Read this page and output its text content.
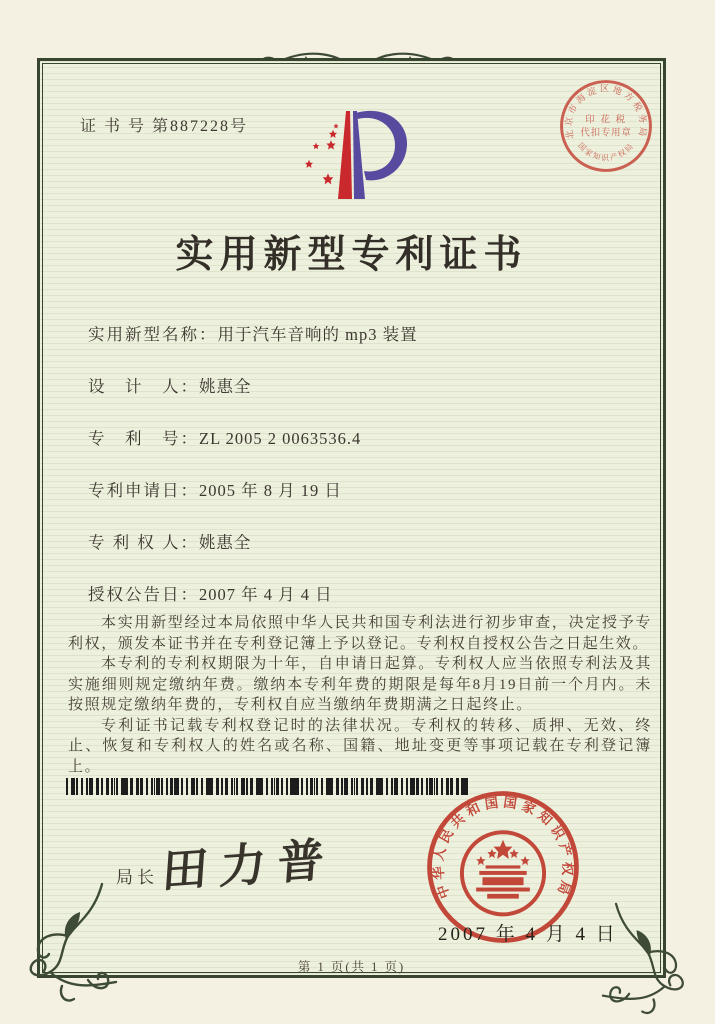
证 书 号 第887228号	北京市海淀区地方税务局
印 花 税
代扣专用章
国家知识产权局
实用新型专利证书
实用新型名称：用于汽车音响的 mp3 装置
设　计　人：姚惠全
专　利　号：ZL 2005 2 0063536.4
专利申请日：2005 年 8 月 19 日
专 利 权 人：姚惠全
授权公告日：2007 年 4 月 4 日

本实用新型经过本局依照中华人民共和国专利法进行初步审查，决定授予专利权，颁发本证书并在专利登记簿上予以登记。专利权自授权公告之日起生效。

本专利的专利权期限为十年，自申请日起算。专利权人应当依照专利法及其实施细则规定缴纳年费。缴纳本专利年费的期限是每年8月19日前一个月内。未按照规定缴纳年费的，专利权自应当缴纳年费期满之日起终止。

专利证书记载专利权登记时的法律状况。专利权的转移、质押、无效、终止、恢复和专利权人的姓名或名称、国籍、地址变更等事项记载在专利登记簿上。

局长 田力普	中华人民共和国国家知识产权局
2007 年 4 月 4 日
第 1 页(共 1 页)
